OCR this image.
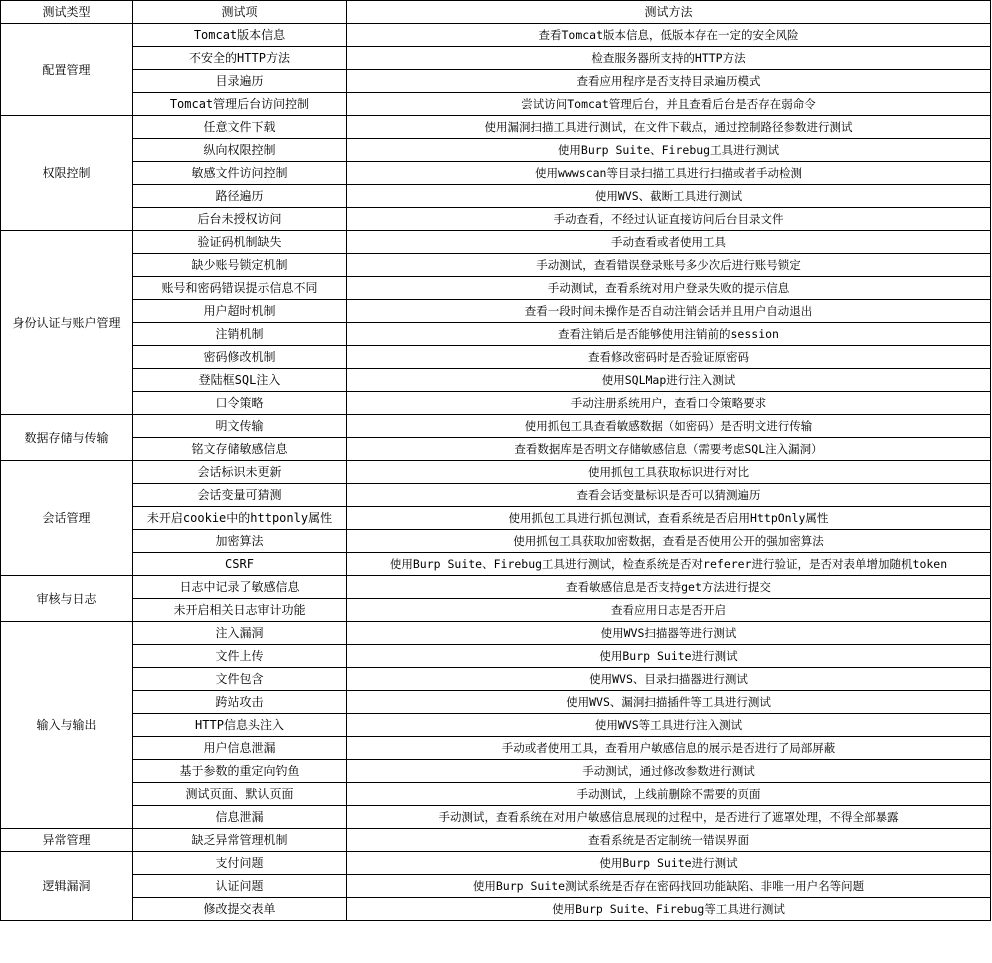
测试类型	测试项	测试方法
配置管理	Tomcat版本信息	查看Tomcat版本信息，低版本存在一定的安全风险
	不安全的HTTP方法	检查服务器所支持的HTTP方法
	目录遍历	查看应用程序是否支持目录遍历模式
	Tomcat管理后台访问控制	尝试访问Tomcat管理后台，并且查看后台是否存在弱命令
权限控制	任意文件下载	使用漏洞扫描工具进行测试，在文件下载点，通过控制路径参数进行测试
	纵向权限控制	使用Burp Suite、Firebug工具进行测试
	敏感文件访问控制	使用wwwscan等目录扫描工具进行扫描或者手动检测
	路径遍历	使用WVS、截断工具进行测试
	后台未授权访问	手动查看，不经过认证直接访问后台目录文件
身份认证与账户管理	验证码机制缺失	手动查看或者使用工具
	缺少账号锁定机制	手动测试，查看错误登录账号多少次后进行账号锁定
	账号和密码错误提示信息不同	手动测试，查看系统对用户登录失败的提示信息
	用户超时机制	查看一段时间未操作是否自动注销会话并且用户自动退出
	注销机制	查看注销后是否能够使用注销前的session
	密码修改机制	查看修改密码时是否验证原密码
	登陆框SQL注入	使用SQLMap进行注入测试
	口令策略	手动注册系统用户，查看口令策略要求
数据存储与传输	明文传输	使用抓包工具查看敏感数据（如密码）是否明文进行传输
	铭文存储敏感信息	查看数据库是否明文存储敏感信息（需要考虑SQL注入漏洞）
会话管理	会话标识未更新	使用抓包工具获取标识进行对比
	会话变量可猜测	查看会话变量标识是否可以猜测遍历
	未开启cookie中的httponly属性	使用抓包工具进行抓包测试，查看系统是否启用HttpOnly属性
	加密算法	使用抓包工具获取加密数据，查看是否使用公开的强加密算法
	CSRF	使用Burp Suite、Firebug工具进行测试，检查系统是否对referer进行验证，是否对表单增加随机token
审核与日志	日志中记录了敏感信息	查看敏感信息是否支持get方法进行提交
	未开启相关日志审计功能	查看应用日志是否开启
输入与输出	注入漏洞	使用WVS扫描器等进行测试
	文件上传	使用Burp Suite进行测试
	文件包含	使用WVS、目录扫描器进行测试
	跨站攻击	使用WVS、漏洞扫描插件等工具进行测试
	HTTP信息头注入	使用WVS等工具进行注入测试
	用户信息泄漏	手动或者使用工具，查看用户敏感信息的展示是否进行了局部屏蔽
	基于参数的重定向钓鱼	手动测试，通过修改参数进行测试
	测试页面、默认页面	手动测试，上线前删除不需要的页面
	信息泄漏	手动测试，查看系统在对用户敏感信息展现的过程中，是否进行了遮罩处理，不得全部暴露
异常管理	缺乏异常管理机制	查看系统是否定制统一错误界面
逻辑漏洞	支付问题	使用Burp Suite进行测试
	认证问题	使用Burp Suite测试系统是否存在密码找回功能缺陷、非唯一用户名等问题
	修改提交表单	使用Burp Suite、Firebug等工具进行测试
